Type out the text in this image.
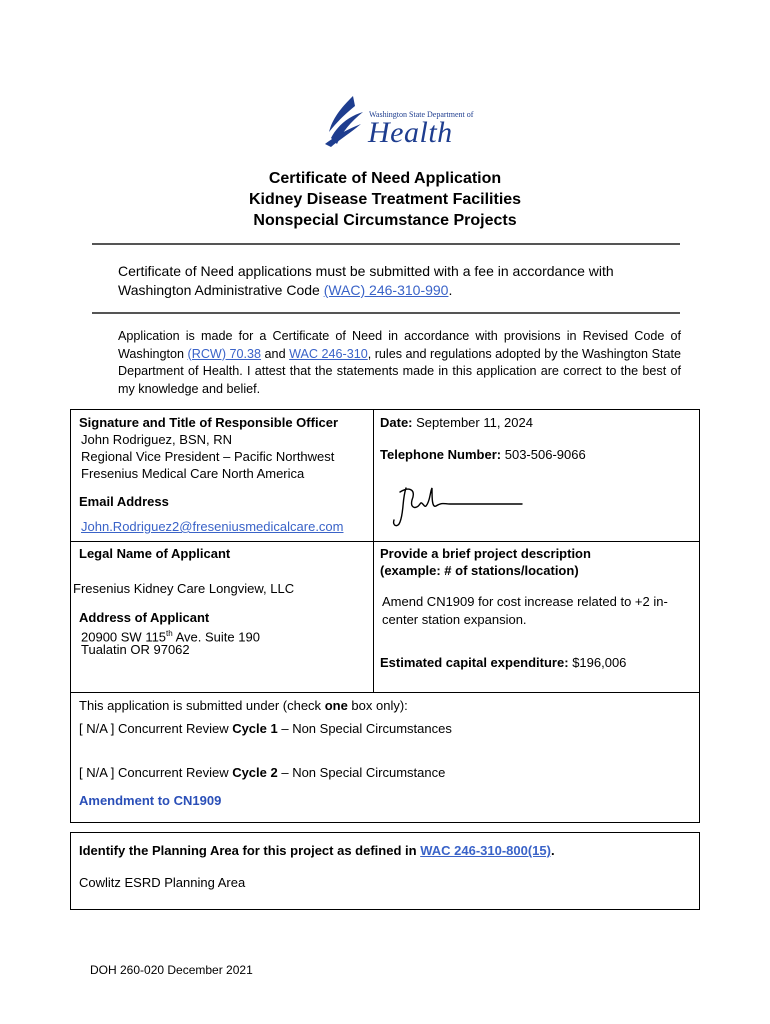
Washington State Department of
Health
Certificate of Need Application
Kidney Disease Treatment Facilities
Nonspecial Circumstance Projects
Certificate of Need applications must be submitted with a fee in accordance with Washington Administrative Code (WAC) 246-310-990.
Application is made for a Certificate of Need in accordance with provisions in Revised Code of Washington (RCW) 70.38 and WAC 246-310, rules and regulations adopted by the Washington State Department of Health. I attest that the statements made in this application are correct to the best of my knowledge and belief.
Signature and Title of Responsible Officer
John Rodriguez, BSN, RN
Regional Vice President – Pacific Northwest
Fresenius Medical Care North America
Email Address
John.Rodriguez2@freseniusmedicalcare.com
Date: September 11, 2024
Telephone Number: 503-506-9066
Legal Name of Applicant
Fresenius Kidney Care Longview, LLC
Address of Applicant
20900 SW 115th Ave. Suite 190
Tualatin OR 97062
Provide a brief project description
(example: # of stations/location)
Amend CN1909 for cost increase related to +2 in-center station expansion.
Estimated capital expenditure: $196,006
This application is submitted under (check one box only):
[ N/A ] Concurrent Review Cycle 1 – Non Special Circumstances
[ N/A ] Concurrent Review Cycle 2 – Non Special Circumstance
Amendment to CN1909
Identify the Planning Area for this project as defined in WAC 246-310-800(15).
Cowlitz ESRD Planning Area
DOH 260-020 December 2021
